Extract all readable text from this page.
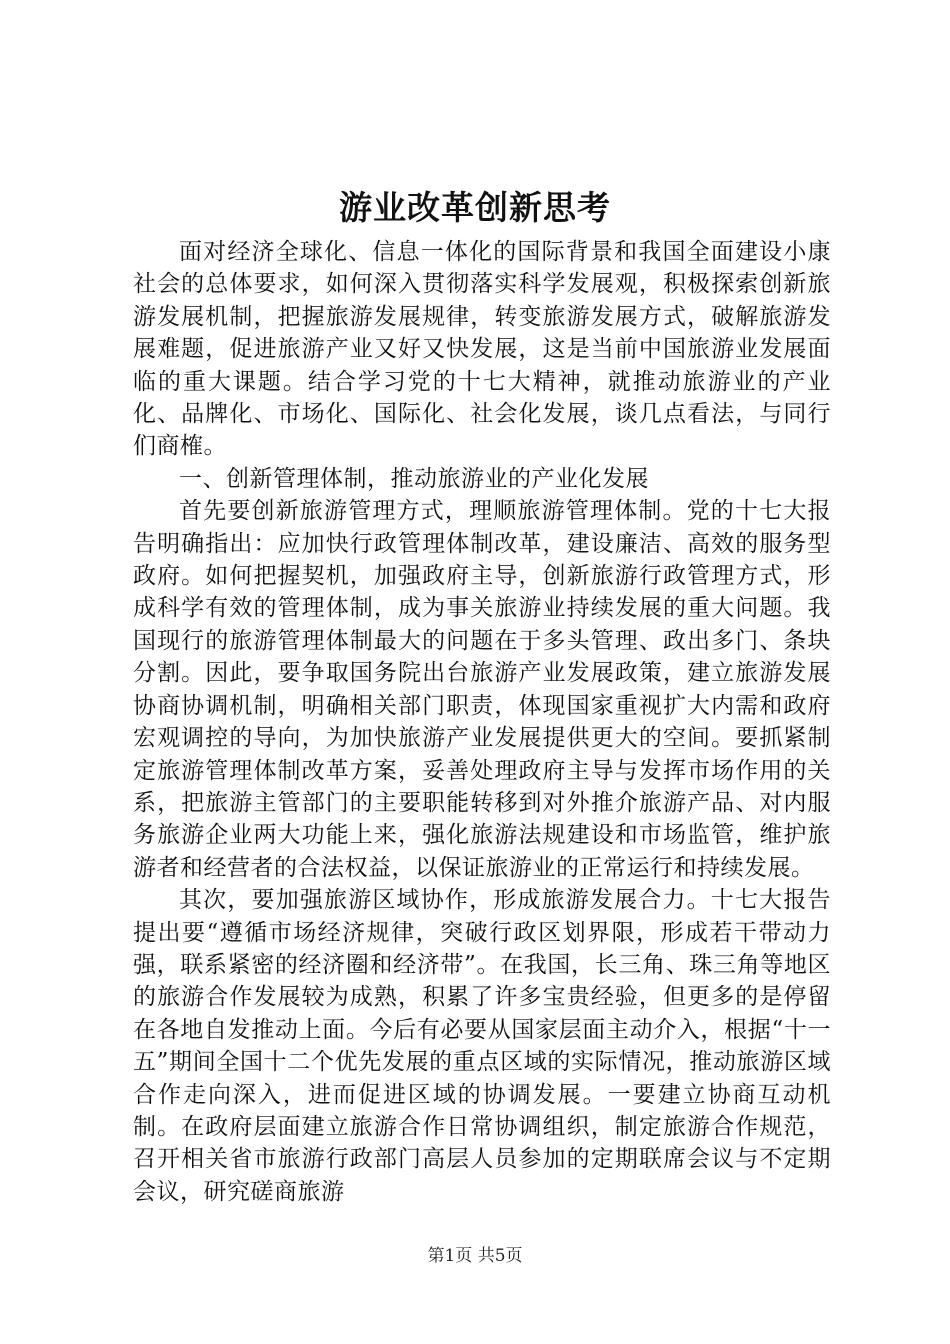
游业改革创新思考

面对经济全球化、信息一体化的国际背景和我国全面建设小康社会的总体要求，如何深入贯彻落实科学发展观，积极探索创新旅游发展机制，把握旅游发展规律，转变旅游发展方式，破解旅游发展难题，促进旅游产业又好又快发展，这是当前中国旅游业发展面临的重大课题。结合学习党的十七大精神，就推动旅游业的产业化、品牌化、市场化、国际化、社会化发展，谈几点看法，与同行们商榷。

一、创新管理体制，推动旅游业的产业化发展

首先要创新旅游管理方式，理顺旅游管理体制。党的十七大报告明确指出：应加快行政管理体制改革，建设廉洁、高效的服务型政府。如何把握契机，加强政府主导，创新旅游行政管理方式，形成科学有效的管理体制，成为事关旅游业持续发展的重大问题。我国现行的旅游管理体制最大的问题在于多头管理、政出多门、条块分割。因此，要争取国务院出台旅游产业发展政策，建立旅游发展协商协调机制，明确相关部门职责，体现国家重视扩大内需和政府宏观调控的导向，为加快旅游产业发展提供更大的空间。要抓紧制定旅游管理体制改革方案，妥善处理政府主导与发挥市场作用的关系，把旅游主管部门的主要职能转移到对外推介旅游产品、对内服务旅游企业两大功能上来，强化旅游法规建设和市场监管，维护旅游者和经营者的合法权益，以保证旅游业的正常运行和持续发展。

其次，要加强旅游区域协作，形成旅游发展合力。十七大报告提出要“遵循市场经济规律，突破行政区划界限，形成若干带动力强，联系紧密的经济圈和经济带”。在我国，长三角、珠三角等地区的旅游合作发展较为成熟，积累了许多宝贵经验，但更多的是停留在各地自发推动上面。今后有必要从国家层面主动介入，根据“十一五”期间全国十二个优先发展的重点区域的实际情况，推动旅游区域合作走向深入，进而促进区域的协调发展。一要建立协商互动机制。在政府层面建立旅游合作日常协调组织，制定旅游合作规范，召开相关省市旅游行政部门高层人员参加的定期联席会议与不定期会议，研究磋商旅游

第1页 共5页
